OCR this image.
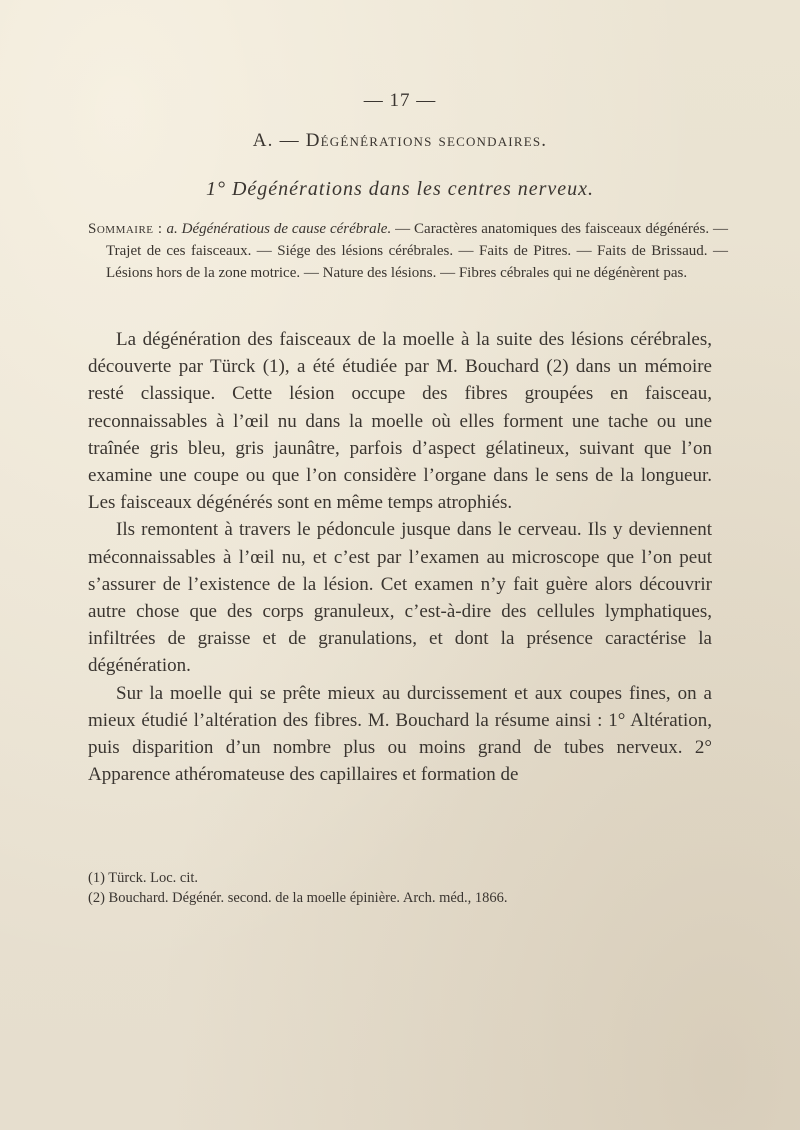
— 17 —
A. — Dégénérations secondaires.
1° Dégénérations dans les centres nerveux.
Sommaire : a. Dégénératious de cause cérébrale. — Caractères anatomiques des faisceaux dégénérés. — Trajet de ces faisceaux. — Siége des lésions cérébrales. — Faits de Pitres. — Faits de Brissaud. — Lésions hors de la zone motrice. — Nature des lésions. — Fibres cébrales qui ne dégénèrent pas.

La dégénération des faisceaux de la moelle à la suite des lésions cérébrales, découverte par Türck (1), a été étudiée par M. Bouchard (2) dans un mémoire resté classique. Cette lésion occupe des fibres groupées en faisceau, reconnaissables à l’œil nu dans la moelle où elles forment une tache ou une traînée gris bleu, gris jaunâtre, parfois d’aspect gélatineux, suivant que l’on examine une coupe ou que l’on considère l’organe dans le sens de la longueur. Les faisceaux dégénérés sont en même temps atrophiés.

Ils remontent à travers le pédoncule jusque dans le cerveau. Ils y deviennent méconnaissables à l’œil nu, et c’est par l’examen au microscope que l’on peut s’assurer de l’existence de la lésion. Cet examen n’y fait guère alors découvrir autre chose que des corps granuleux, c’est-à-dire des cellules lymphatiques, infiltrées de graisse et de granulations, et dont la présence caractérise la dégénération.

Sur la moelle qui se prête mieux au durcissement et aux coupes fines, on a mieux étudié l’altération des fibres. M. Bouchard la résume ainsi : 1° Altération, puis disparition d’un nombre plus ou moins grand de tubes nerveux. 2° Apparence athéromateuse des capillaires et formation de

(1) Türck. Loc. cit.

(2) Bouchard. Dégénér. second. de la moelle épinière. Arch. méd., 1866.
